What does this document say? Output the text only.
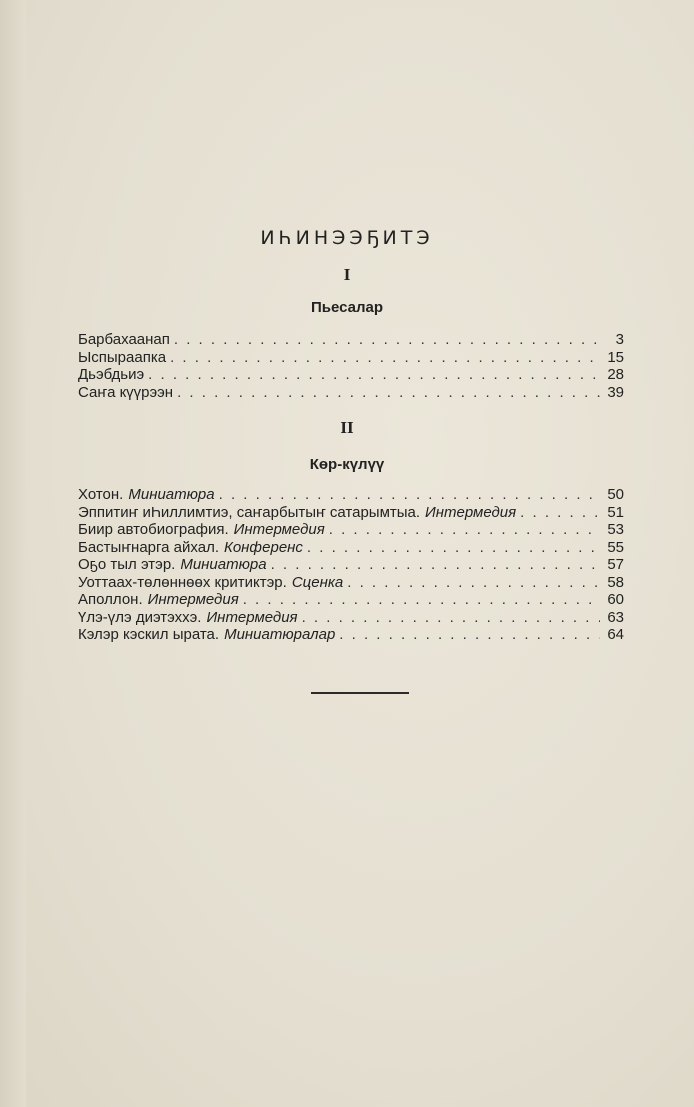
ИҺИНЭЭҔИТЭ
I
Пьесалар
Барбахаанап . . .	3
Ыспыраапка . . .	15
Дьэбдьиэ . . .	28
Саҥа күүрээн . . .	39
II
Көр-күлүү
Хотон. Миниатюра . . .	50
Эппитиҥ иҺиллимтиэ, саҥарбытыҥ сатарымтыа. Интермедия . . .	51
Биир автобиография. Интермедия . . .	53
Бастыҥнарга айхал. Конференс . . .	55
Оҕо тыл этэр. Миниатюра . . .	57
Уоттаах-төлөннөөх критиктэр. Сценка . . .	58
Аполлон. Интермедия . . .	60
Үлэ-үлэ диэтэххэ. Интермедия . . .	63
Кэлэр кэскил ырата. Миниатюралар . . .	64
